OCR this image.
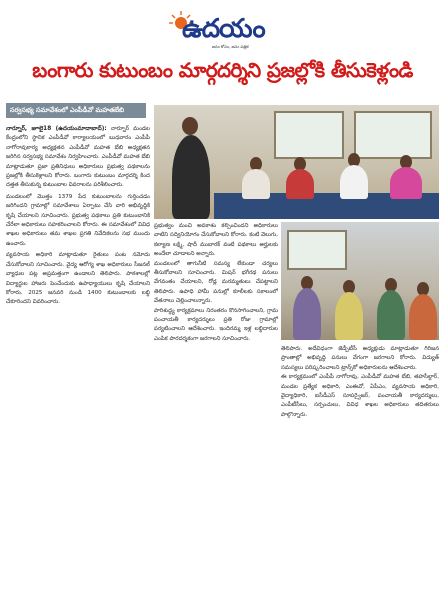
ఉదయం
జనం కోసం, జనం పత్రిక
బంగారు కుటుంబం మార్గదర్శిని ప్రజల్లోకి తీసుకెళ్లండి
సర్వసభ్య సమావేశంలో ఎంపీడీవో మహతబేబి

నార్నూర్, జూలై18 (ఉదయంమాదాబాద్): నార్నూర్ మండల కేంద్రంలోని స్థానిక ఎంపీడీవో కార్యాలయంలో బుధవారం ఎంపీపీ నాగోరావుకార్య అధ్యక్షతన ఎంపీడీవో మహత బేబి అధ్యక్షతన జరిగిన సర్వసభ్య సమావేశం నిర్వహించారు. ఎంపీడీవో మహత బేబి మాట్లాడుతూ ప్రజా ప్రతినిధులు అధికారులు ప్రభుత్వ పథకాలను ప్రజల్లోకి తీసుకెళ్లాలని కోరారు. బంగారు కుటుంబం మార్గదర్శి కింద దత్తత తీసుకున్న కుటుంబాల వివరాలను పరిశీలించారు.

మండలంలో మొత్తం 1379 పేద కుటుంబాలను గుర్తించడం జరిగిందని గ్రామాల్లో సమావేశాలు ఏర్పాటు చేసి వారి అభివృద్ధికి కృషి చేయాలని సూచించారు. ప్రభుత్వ పథకాలు ప్రతి కుటుంబానికి చేరేలా అధికారులు సహకరించాలని కోరారు. ఈ సమావేశంలో వివిధ శాఖల అధికారులు తమ శాఖల ప్రగతి నివేదికలను సభ ముందు ఉంచారు.

వ్యవసాయ అధికారి మాట్లాడుతూ రైతులు పంట నమోదు చేసుకోవాలని సూచించారు. వైద్య ఆరోగ్య శాఖ అధికారులు సీజనల్ వ్యాధుల పట్ల అప్రమత్తంగా ఉండాలని తెలిపారు. పాఠశాలల్లో విద్యార్థుల హాజరు పెంచేందుకు ఉపాధ్యాయులు కృషి చేయాలని కోరారు. 2025 జనవరి నుండి 1400 కుటుంబాలకు లబ్ధి చేకూరిందని వివరించారు.

ప్రభుత్వం మంచి అవకాశం కల్పించిందని అధికారులు వాటిని సద్వినియోగం చేసుకోవాలని కోరారు. కంటి వెలుగు, కల్యాణ లక్ష్మి, షాదీ ముబారక్ వంటి పథకాలు అర్హులకు అందేలా చూడాలని అన్నారు.

మండలంలో తాగునీటి సమస్య లేకుండా చర్యలు తీసుకోవాలని సూచించారు. మిషన్ భగీరథ పనులు వేగవంతం చేయాలని, రోడ్ల మరమ్మతులు చేపట్టాలని తెలిపారు. ఉపాధి హామీ పనుల్లో కూలీలకు సకాలంలో వేతనాలు చెల్లించాలన్నారు.

పారిశుద్ధ్య కార్యక్రమాలు నిరంతరం కొనసాగించాలని, గ్రామ పంచాయతీ కార్యదర్శులు ప్రతి రోజు గ్రామాల్లో పర్యటించాలని ఆదేశించారు. ఇందిరమ్మ ఇళ్ల లబ్ధిదారుల ఎంపిక పారదర్శకంగా జరగాలని సూచించారు.

తెలిపారు. అదేవిధంగా జెడ్పీటీసీ అధ్యక్షుడు మాట్లాడుతూ గిరిజన ప్రాంతాల్లో అభివృద్ధి పనులు వేగంగా జరగాలని కోరారు. విద్యుత్ సమస్యలు పరిష్కరించాలని ట్రాన్స్‌కో అధికారులను ఆదేశించారు.

ఈ కార్యక్రమంలో ఎంపీపీ నాగోరావు, ఎంపీడీవో మహత బేబి, తహసీల్దార్, మండల ప్రత్యేక అధికారి, ఎంఈవో, ఏపీఎం, వ్యవసాయ అధికారి, వైద్యాధికారి, ఐసీడీఎస్ సూపర్వైజర్, పంచాయతీ కార్యదర్శులు, ఎంపీటీసీలు, సర్పంచులు, వివిధ శాఖల అధికారులు తదితరులు పాల్గొన్నారు.
